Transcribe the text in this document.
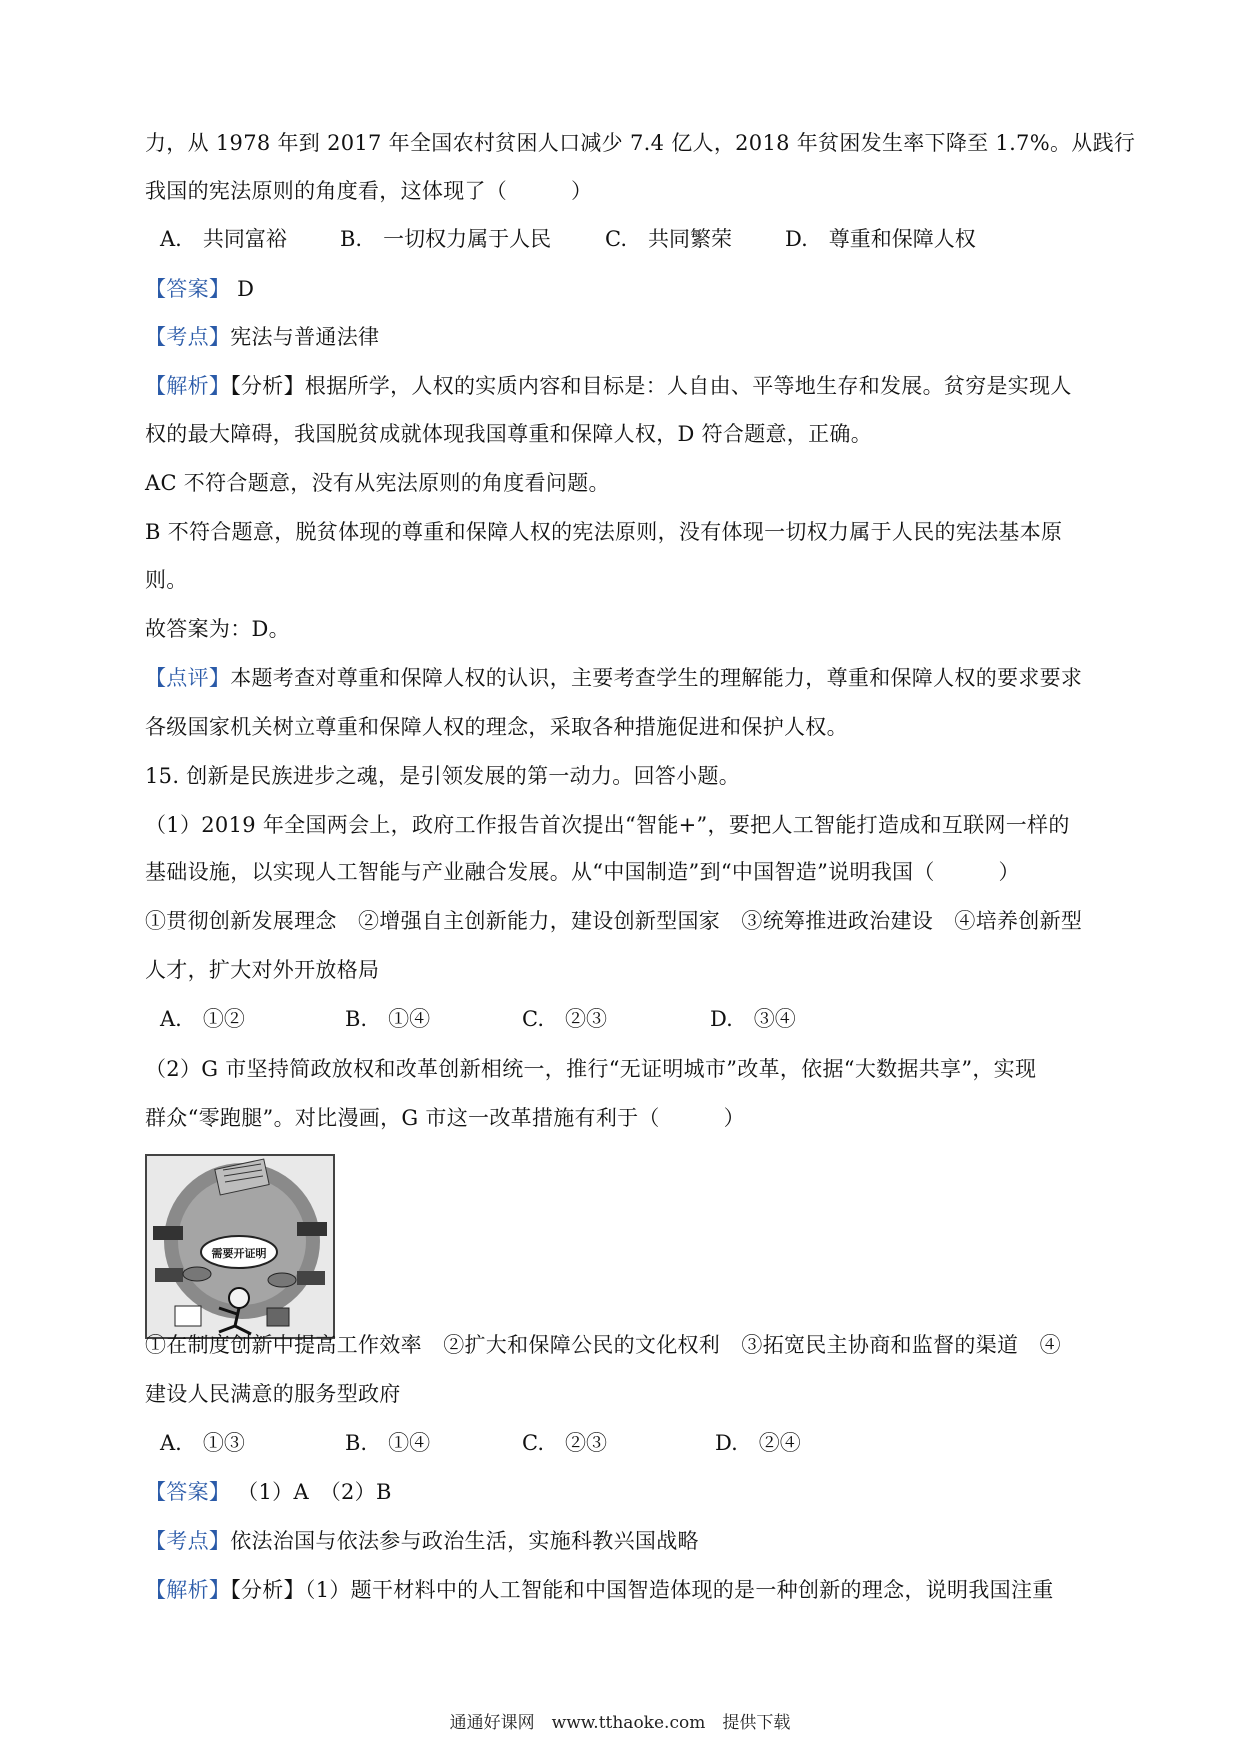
力，从 1978 年到 2017 年全国农村贫困人口减少 7.4 亿人，2018 年贫困发生率下降至 1.7%。从践行
我国的宪法原则的角度看，这体现了（　　　）
A.　共同富裕	B.　一切权力属于人民	C.　共同繁荣	D.　尊重和保障人权
【答案】 D
【考点】宪法与普通法律
【解析】【分析】根据所学，人权的实质内容和目标是：人自由、平等地生存和发展。贫穷是实现人
权的最大障碍，我国脱贫成就体现我国尊重和保障人权，D 符合题意，正确。
AC 不符合题意，没有从宪法原则的角度看问题。
B 不符合题意，脱贫体现的尊重和保障人权的宪法原则，没有体现一切权力属于人民的宪法基本原
则。
故答案为：D。
【点评】本题考查对尊重和保障人权的认识，主要考查学生的理解能力，尊重和保障人权的要求要求
各级国家机关树立尊重和保障人权的理念，采取各种措施促进和保护人权。
15. 创新是民族进步之魂，是引领发展的第一动力。回答小题。
（1）2019 年全国两会上，政府工作报告首次提出“智能+”，要把人工智能打造成和互联网一样的
基础设施，以实现人工智能与产业融合发展。从“中国制造”到“中国智造”说明我国（　　　）
①贯彻创新发展理念　②增强自主创新能力，建设创新型国家　③统筹推进政治建设　④培养创新型
人才，扩大对外开放格局
A.　①②	B.　①④	C.　②③	D.　③④
（2）G 市坚持简政放权和改革创新相统一，推行“无证明城市”改革，依据“大数据共享”，实现
群众“零跑腿”。对比漫画，G 市这一改革措施有利于（　　　）
需要开证明
①在制度创新中提高工作效率　②扩大和保障公民的文化权利　③拓宽民主协商和监督的渠道　④
建设人民满意的服务型政府
A.　①③	B.　①④	C.　②③	D.　②④
【答案】 （1）A　（2）B
【考点】依法治国与依法参与政治生活，实施科教兴国战略
【解析】【分析】（1）题干材料中的人工智能和中国智造体现的是一种创新的理念，说明我国注重
通通好课网　www.tthaoke.com　提供下载
